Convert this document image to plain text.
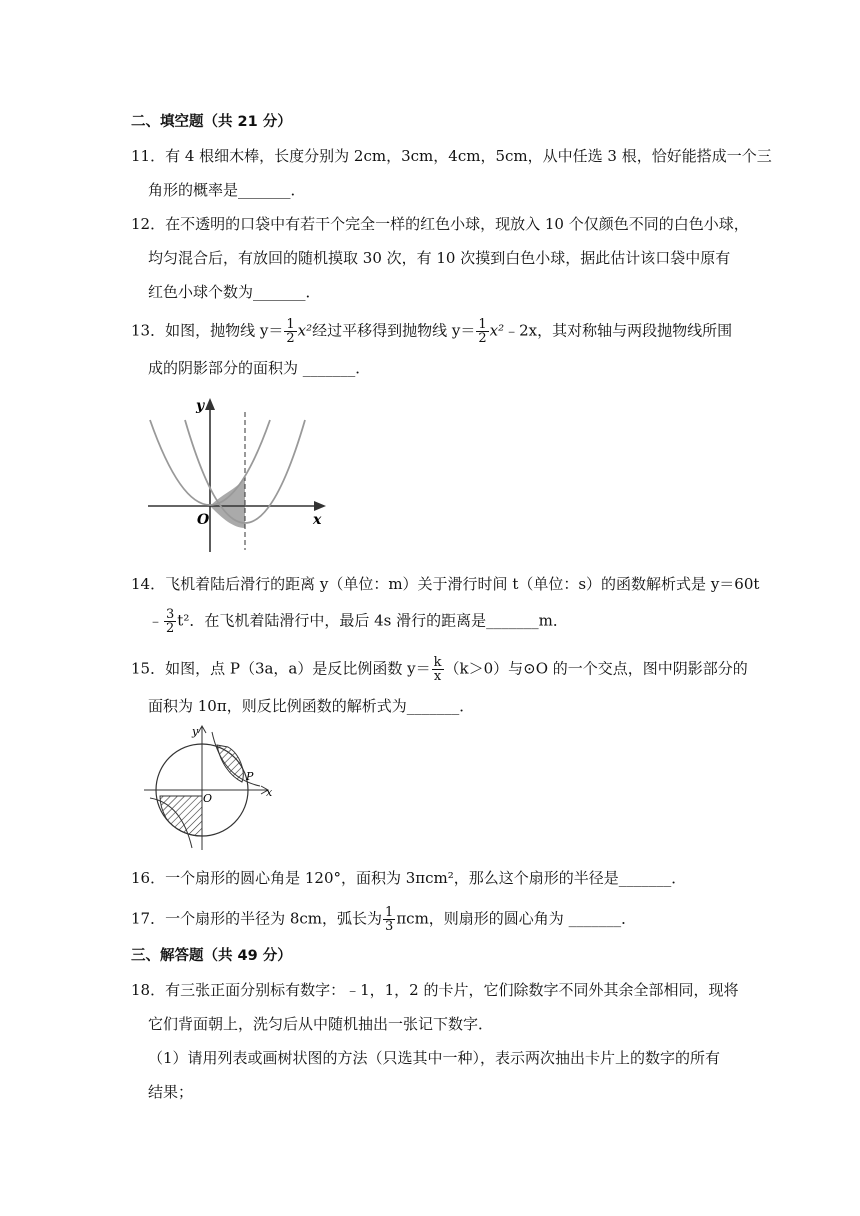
二、填空题（共 21 分）
11．有 4 根细木棒，长度分别为 2cm，3cm，4cm，5cm，从中任选 3 根，恰好能搭成一个三
角形的概率是_______．
12．在不透明的口袋中有若干个完全一样的红色小球，现放入 10 个仅颜色不同的白色小球，
均匀混合后，有放回的随机摸取 30 次，有 10 次摸到白色小球，据此估计该口袋中原有
红色小球个数为_______．
13．如图，抛物线 $y= \frac{1}{2} x^2$经过平移得到抛物线 $y= \frac{1}{2}$ x²﹣2x，其对称轴与两段抛物线所围
成的阴影部分的面积为 _______．
y
x
O
14．飞机着陆后滑行的距离 y（单位：m）关于滑行时间 t（单位：s）的函数解析式是 y＝60t
﹣ $\frac{3}{2} t^2$．在飞机着陆滑行中，最后 4s 滑行的距离是_______m．
15．如图，点 P（3a，a）是反比例函数 $y= \frac{k}{x} (k>0)$与⊙O 的一个交点，图中阴影部分的
面积为 10π，则反比例函数的解析式为_______．
y
x
O
P
16．一个扇形的圆心角是 120°，面积为 3πcm²，那么这个扇形的半径是_______．
17．一个扇形的半径为 8cm，弧长为 $\frac{1}{3}$ πcm，则扇形的圆心角为 _______．
三、解答题（共 49 分）
18．有三张正面分别标有数字：﹣1，1，2 的卡片，它们除数字不同外其余全部相同，现将
它们背面朝上，洗匀后从中随机抽出一张记下数字．
（1）请用列表或画树状图的方法（只选其中一种），表示两次抽出卡片上的数字的所有
结果；
